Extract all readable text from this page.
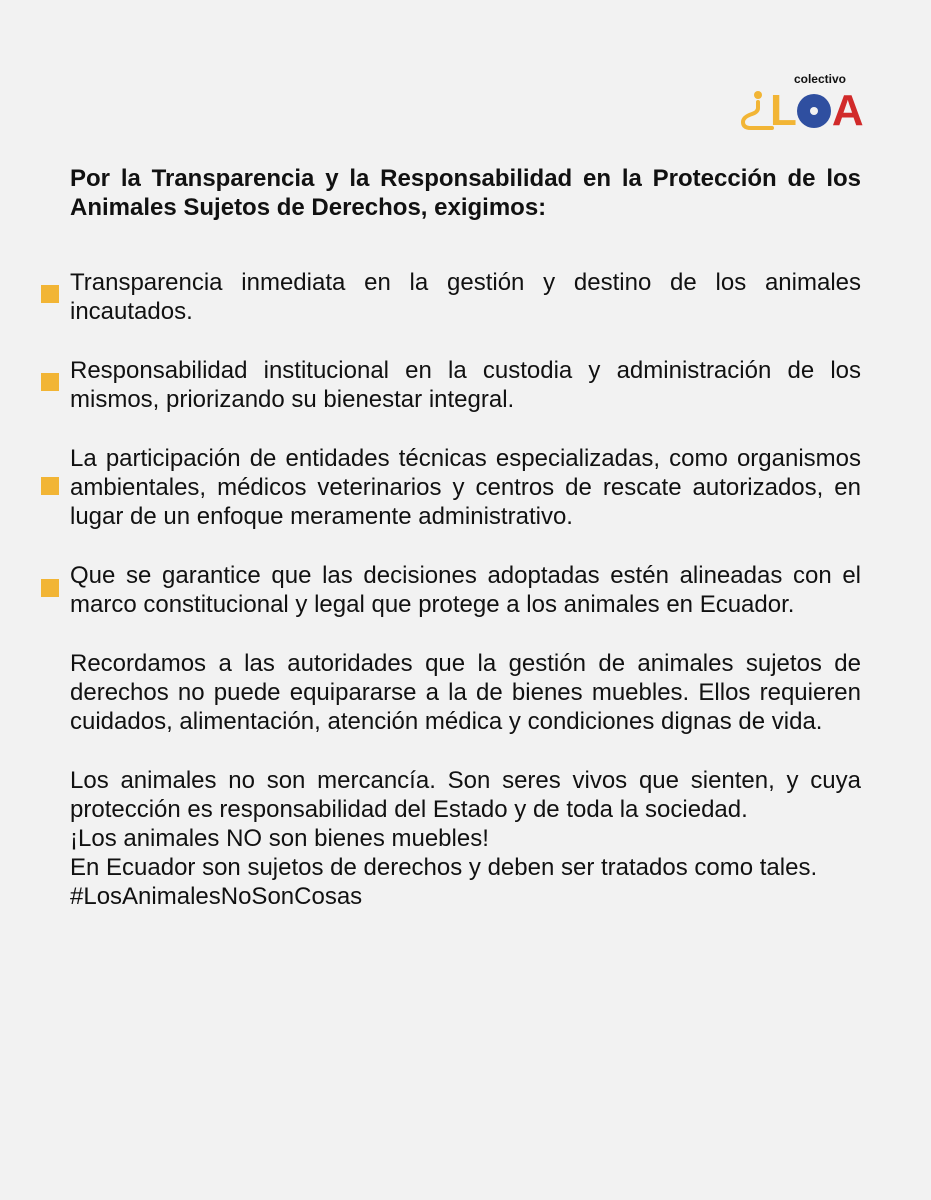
colectivo
L A

Por la Transparencia y la Responsabilidad en la Protección de los Animales Sujetos de Derechos, exigimos:

Transparencia inmediata en la gestión y destino de los animales incautados.
Responsabilidad institucional en la custodia y administración de los mismos, priorizando su bienestar integral.
La participación de entidades técnicas especializadas, como organismos ambientales, médicos veterinarios y centros de rescate autorizados, en lugar de un enfoque meramente administrativo.
Que se garantice que las decisiones adoptadas estén alineadas con el marco constitucional y legal que protege a los animales en Ecuador.

Recordamos a las autoridades que la gestión de animales sujetos de derechos no puede equipararse a la de bienes muebles. Ellos requieren cuidados, alimentación, atención médica y condiciones dignas de vida.

Los animales no son mercancía. Son seres vivos que sienten, y cuya protección es responsabilidad del Estado y de toda la sociedad.
¡Los animales NO son bienes muebles!
En Ecuador son sujetos de derechos y deben ser tratados como tales.
#LosAnimalesNoSonCosas
